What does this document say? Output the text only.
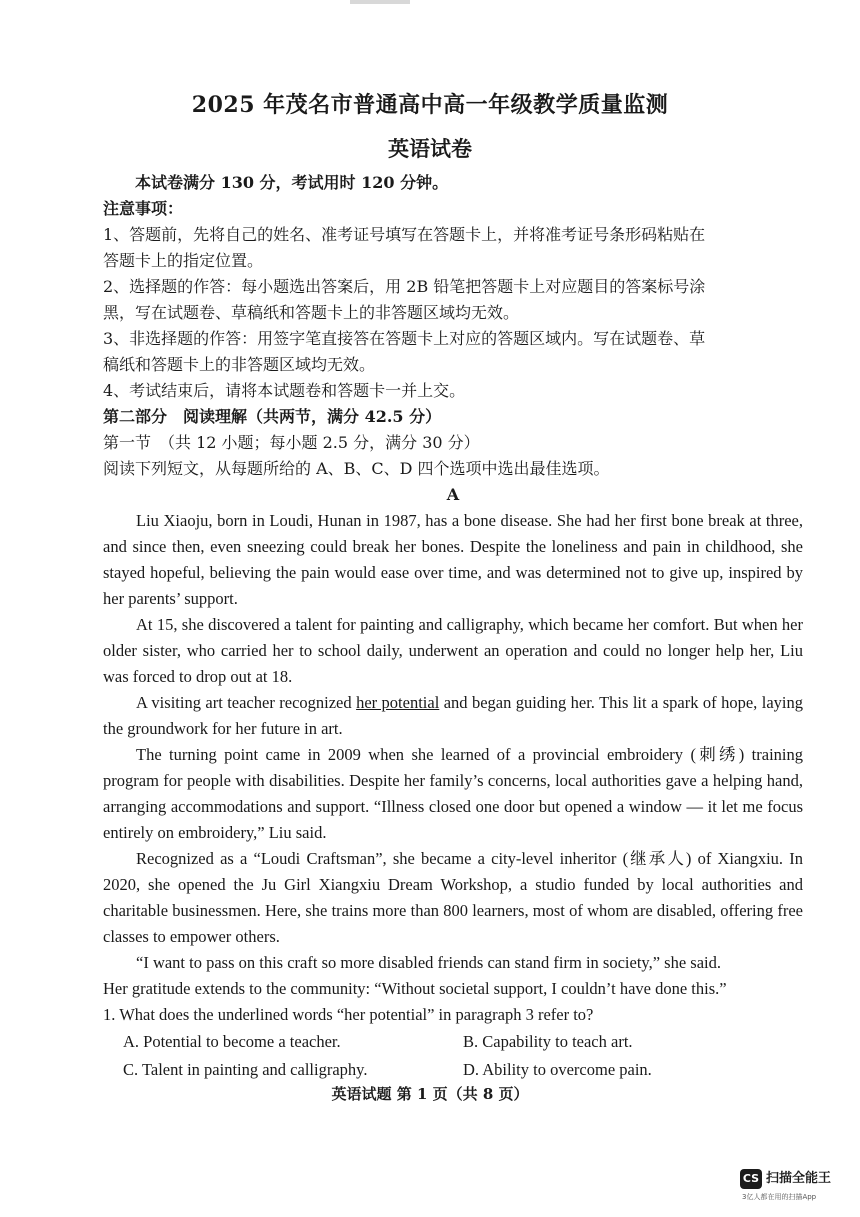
2025 年茂名市普通高中高一年级教学质量监测
英语试卷

本试卷满分 130 分，考试用时 120 分钟。

注意事项：

1、答题前，先将自己的姓名、准考证号填写在答题卡上，并将准考证号条形码粘贴在

答题卡上的指定位置。

2、选择题的作答：每小题选出答案后，用 2B 铅笔把答题卡上对应题目的答案标号涂

黑，写在试题卷、草稿纸和答题卡上的非答题区域均无效。

3、非选择题的作答：用签字笔直接答在答题卡上对应的答题区域内。写在试题卷、草

稿纸和答题卡上的非答题区域均无效。

4、考试结束后，请将本试题卷和答题卡一并上交。

第二部分　阅读理解（共两节，满分 42.5 分）

第一节　（共 12 小题；每小题 2.5 分，满分 30 分）

阅读下列短文，从每题所给的 A、B、C、D 四个选项中选出最佳选项。

A

Liu Xiaoju, born in Loudi, Hunan in 1987, has a bone disease. She had her first bone break at three, and since then, even sneezing could break her bones. Despite the loneliness and pain in childhood, she stayed hopeful, believing the pain would ease over time, and was determined not to give up, inspired by her parents’ support.

At 15, she discovered a talent for painting and calligraphy, which became her comfort. But when her older sister, who carried her to school daily, underwent an operation and could no longer help her, Liu was forced to drop out at 18.

A visiting art teacher recognized her potential and began guiding her. This lit a spark of hope, laying the groundwork for her future in art.

The turning point came in 2009 when she learned of a provincial embroidery (刺绣) training program for people with disabilities. Despite her family’s concerns, local authorities gave a helping hand, arranging accommodations and support. “Illness closed one door but opened a window — it let me focus entirely on embroidery,” Liu said.

Recognized as a “Loudi Craftsman”, she became a city-level inheritor (继承人) of Xiangxiu. In 2020, she opened the Ju Girl Xiangxiu Dream Workshop, a studio funded by local authorities and charitable businessmen. Here, she trains more than 800 learners, most of whom are disabled, offering free classes to empower others.

“I want to pass on this craft so more disabled friends can stand firm in society,” she said.

Her gratitude extends to the community: “Without societal support, I couldn’t have done this.”

1. What does the underlined words “her potential” in paragraph 3 refer to?

A. Potential to become a teacher.	B. Capability to teach art.
C. Talent in painting and calligraphy.	D. Ability to overcome pain.
英语试题 第 1 页（共 8 页）
CS 扫描全能王
3亿人都在用的扫描App
